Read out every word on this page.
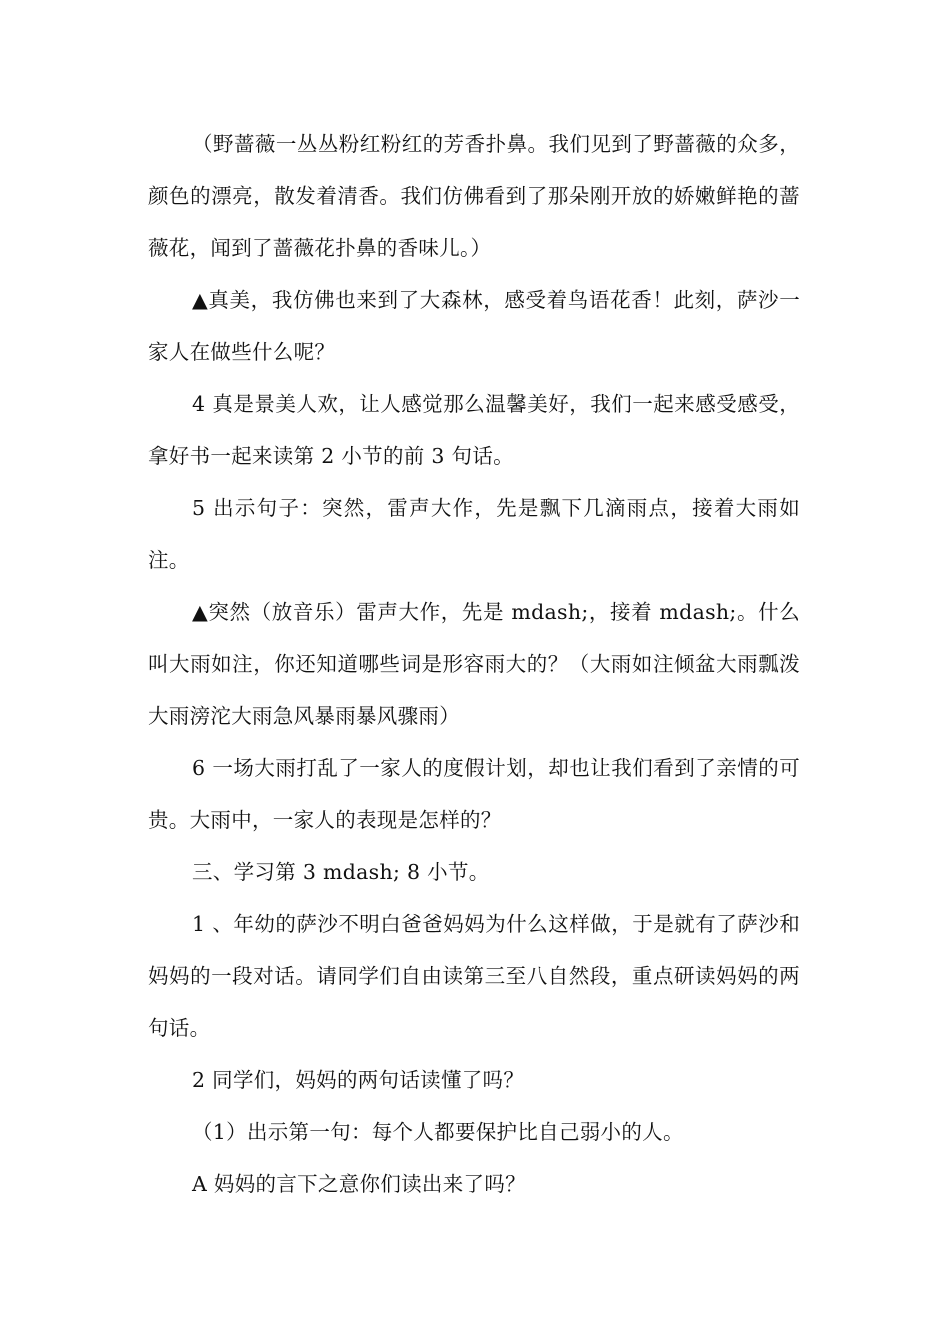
（野蔷薇一丛丛粉红粉红的芳香扑鼻。我们见到了野蔷薇的众多，颜色的漂亮，散发着清香。我们仿佛看到了那朵刚开放的娇嫩鲜艳的蔷薇花，闻到了蔷薇花扑鼻的香味儿。）

▲真美，我仿佛也来到了大森林，感受着鸟语花香！此刻，萨沙一家人在做些什么呢？

4 真是景美人欢，让人感觉那么温馨美好，我们一起来感受感受，拿好书一起来读第 2 小节的前 3 句话。

5 出示句子：突然，雷声大作，先是飘下几滴雨点，接着大雨如注。

▲突然（放音乐）雷声大作，先是 mdash;，接着 mdash;。什么叫大雨如注，你还知道哪些词是形容雨大的？（大雨如注倾盆大雨瓢泼大雨滂沱大雨急风暴雨暴风骤雨）

6 一场大雨打乱了一家人的度假计划，却也让我们看到了亲情的可贵。大雨中，一家人的表现是怎样的？

三、学习第 3 mdash; 8 小节。

1 、年幼的萨沙不明白爸爸妈妈为什么这样做，于是就有了萨沙和妈妈的一段对话。请同学们自由读第三至八自然段，重点研读妈妈的两句话。

2 同学们，妈妈的两句话读懂了吗？

（1）出示第一句：每个人都要保护比自己弱小的人。

A 妈妈的言下之意你们读出来了吗？
